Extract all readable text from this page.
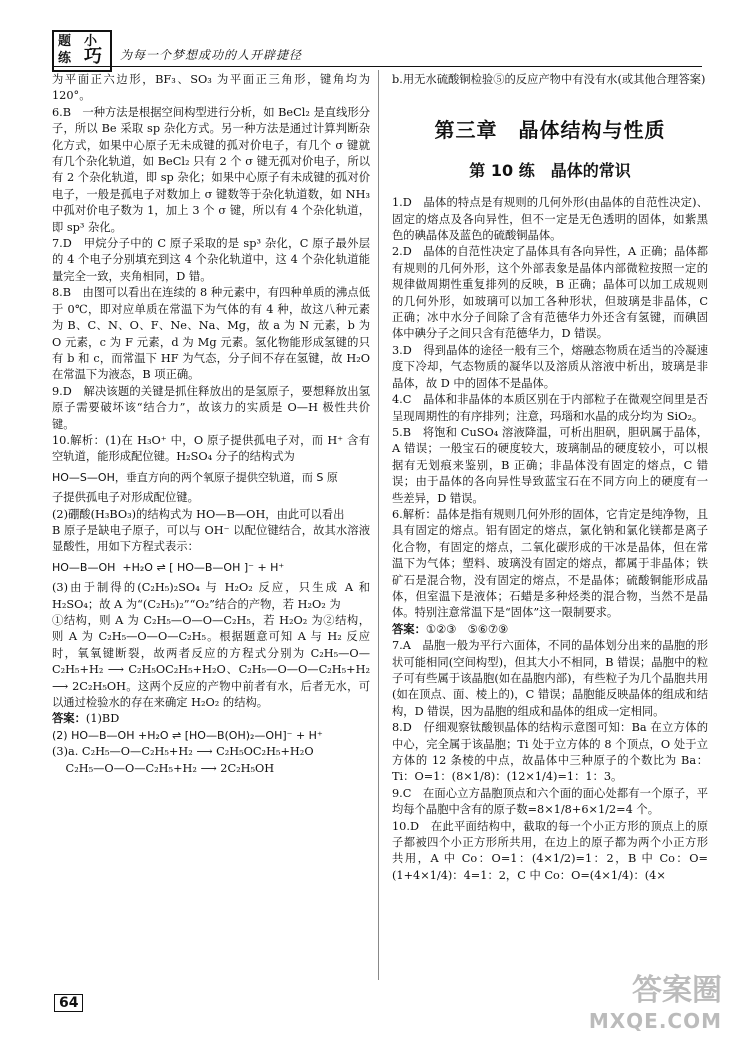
题 小
练 巧 为每一个梦想成功的人开辟捷径

为平面正六边形，BF₃、SO₃ 为平面正三角形，键角均为 120°。

6.B　一种方法是根据空间构型进行分析，如 BeCl₂ 是直线形分子，所以 Be 采取 sp 杂化方式。另一种方法是通过计算判断杂化方式，如果中心原子无未成键的孤对价电子，有几个 σ 键就有几个杂化轨道，如 BeCl₂ 只有 2 个 σ 键无孤对价电子，所以有 2 个杂化轨道，即 sp 杂化；如果中心原子有未成键的孤对价电子，一般是孤电子对数加上 σ 键数等于杂化轨道数，如 NH₃ 中孤对价电子数为 1，加上 3 个 σ 键，所以有 4 个杂化轨道，即 sp³ 杂化。

7.D　甲烷分子中的 C 原子采取的是 sp³ 杂化，C 原子最外层的 4 个电子分别填充到这 4 个杂化轨道中，这 4 个杂化轨道能量完全一致，夹角相同，D 错。

8.B　由图可以看出在连续的 8 种元素中，有四种单质的沸点低于 0℃，即对应单质在常温下为气体的有 4 种，故这八种元素为 B、C、N、O、F、Ne、Na、Mg，故 a 为 N 元素，b 为 O 元素，c 为 F 元素，d 为 Mg 元素。氢化物能形成氢键的只有 b 和 c，而常温下 HF 为气态，分子间不存在氢键，故 H₂O 在常温下为液态，B 项正确。

9.D　解决该题的关键是抓住释放出的是氢原子，要想释放出氢原子需要破坏该“结合力”，故该力的实质是 O—H 极性共价键。

10.解析：(1)在 H₃O⁺ 中，O 原子提供孤电子对，而 H⁺ 含有空轨道，能形成配位键。H₂SO₄ 分子的结构式为

HO—S—OH，垂直方向的两个氧原子提供空轨道，而 S 原

子提供孤电子对形成配位键。

(2)硼酸(H₃BO₃)的结构式为 HO—B—OH，由此可以看出

B 原子是缺电子原子，可以与 OH⁻ 以配位键结合，故其水溶液显酸性，用如下方程式表示：

HO—B—OH  +H₂O ⇌ [ HO—B—OH ]⁻ + H⁺

(3)由于制得的(C₂H₅)₂SO₄ 与 H₂O₂ 反应，只生成 A 和 H₂SO₄；故 A 为“(C₂H₅)₂”“O₂”结合的产物，若 H₂O₂ 为

①结构，则 A 为 C₂H₅—O—O—C₂H₅，若 H₂O₂ 为②结构，则 A 为 C₂H₅—O—O—C₂H₅。根据题意可知 A 与 H₂ 反应时，氧氧键断裂，故两者反应的方程式分别为 C₂H₅—O—C₂H₅+H₂ ⟶ C₂H₅OC₂H₅+H₂O、C₂H₅—O—O—C₂H₅+H₂ ⟶ 2C₂H₅OH。这两个反应的产物中前者有水，后者无水，可以通过检验水的存在来确定 H₂O₂ 的结构。

答案：(1)BD

(2) HO—B—OH +H₂O ⇌ [HO—B(OH)₂—OH]⁻ + H⁺

(3)a. C₂H₅—O—C₂H₅+H₂ ⟶ C₂H₅OC₂H₅+H₂O

C₂H₅—O—O—C₂H₅+H₂ ⟶ 2C₂H₅OH

b.用无水硫酸铜检验⑤的反应产物中有没有水(或其他合理答案)

第三章　晶体结构与性质
第 10 练　晶体的常识

1.D　晶体的特点是有规则的几何外形(由晶体的自范性决定)、固定的熔点及各向异性，但不一定是无色透明的固体，如紫黑色的碘晶体及蓝色的硫酸铜晶体。

2.D　晶体的自范性决定了晶体具有各向异性，A 正确；晶体都有规则的几何外形，这个外部表象是晶体内部微粒按照一定的规律做周期性重复排列的反映，B 正确；晶体可以加工成规则的几何外形，如玻璃可以加工各种形状，但玻璃是非晶体，C 正确；冰中水分子间除了含有范德华力外还含有氢键，而碘固体中碘分子之间只含有范德华力，D 错误。

3.D　得到晶体的途径一般有三个，熔融态物质在适当的冷凝速度下冷却，气态物质的凝华以及溶质从溶液中析出，玻璃是非晶体，故 D 中的固体不是晶体。

4.C　晶体和非晶体的本质区别在于内部粒子在微观空间里是否呈现周期性的有序排列；注意，玛瑙和水晶的成分均为 SiO₂。

5.B　将饱和 CuSO₄ 溶液降温，可析出胆矾，胆矾属于晶体，A 错误；一般宝石的硬度较大，玻璃制品的硬度较小，可以根据有无划痕来鉴别，B 正确；非晶体没有固定的熔点，C 错误；由于晶体的各向异性导致蓝宝石在不同方向上的硬度有一些差异，D 错误。

6.解析：晶体是指有规则几何外形的固体，它肯定是纯净物，且具有固定的熔点。铝有固定的熔点，氯化钠和氯化镁都是离子化合物，有固定的熔点，二氧化碳形成的干冰是晶体，但在常温下为气体；塑料、玻璃没有固定的熔点，都属于非晶体；铁矿石是混合物，没有固定的熔点，不是晶体；硫酸铜能形成晶体，但室温下是液体；石蜡是多种烃类的混合物，当然不是晶体。特别注意常温下是“固体”这一限制要求。

答案：①②③　⑤⑥⑦⑨

7.A　晶胞一般为平行六面体，不同的晶体划分出来的晶胞的形状可能相同(空间构型)，但其大小不相同，B 错误；晶胞中的粒子可有些属于该晶胞(如在晶胞内部)，有些粒子为几个晶胞共用(如在顶点、面、棱上的)，C 错误；晶胞能反映晶体的组成和结构，D 错误，因为晶胞的组成和晶体的组成一定相同。

8.D　仔细观察钛酸钡晶体的结构示意图可知：Ba 在立方体的中心，完全属于该晶胞；Ti 处于立方体的 8 个顶点，O 处于立方体的 12 条棱的中点，故晶体中三种原子的个数比为 Ba：Ti：O=1：(8×1/8)：(12×1/4)=1：1：3。

9.C　在面心立方晶胞顶点和六个面的面心处都有一个原子，平均每个晶胞中含有的原子数=8×1/8+6×1/2=4 个。

10.D　在此平面结构中，截取的每一个小正方形的顶点上的原子都被四个小正方形所共用，在边上的原子都为两个小正方形共用，A 中 Co：O=1：(4×1/2)=1：2，B 中 Co：O=(1+4×1/4)：4=1：2，C 中 Co：O=(4×1/4)：(4×

64	答案圈
MXQE.COM
